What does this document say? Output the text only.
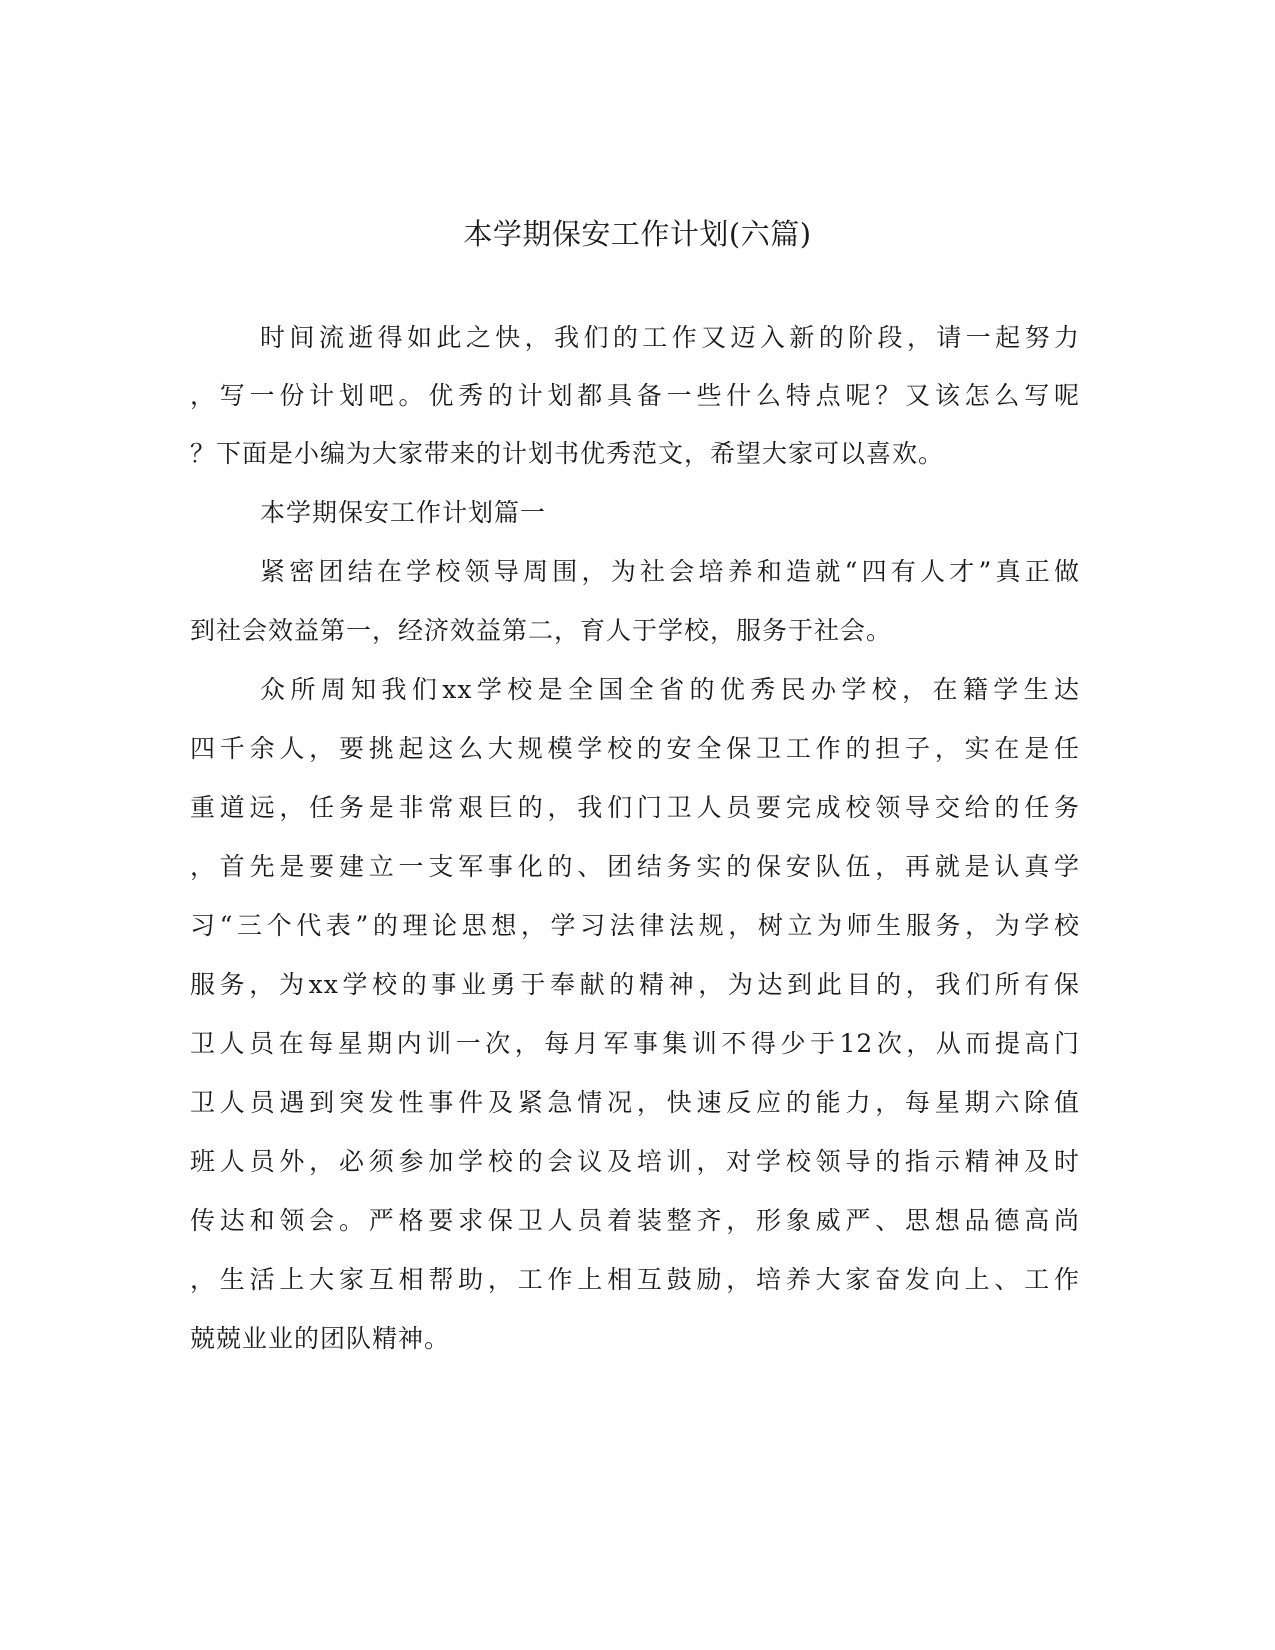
本学期保安工作计划(六篇)
时间流逝得如此之快，我们的工作又迈入新的阶段，请一起努力
，写一份计划吧。优秀的计划都具备一些什么特点呢？又该怎么写呢
？下面是小编为大家带来的计划书优秀范文，希望大家可以喜欢。
本学期保安工作计划篇一
紧密团结在学校领导周围，为社会培养和造就“四有人才”真正做
到社会效益第一，经济效益第二，育人于学校，服务于社会。
众所周知我们xx学校是全国全省的优秀民办学校，在籍学生达
四千余人，要挑起这么大规模学校的安全保卫工作的担子，实在是任
重道远，任务是非常艰巨的，我们门卫人员要完成校领导交给的任务
，首先是要建立一支军事化的、团结务实的保安队伍，再就是认真学
习“三个代表”的理论思想，学习法律法规，树立为师生服务，为学校
服务，为xx学校的事业勇于奉献的精神，为达到此目的，我们所有保
卫人员在每星期内训一次，每月军事集训不得少于12次，从而提高门
卫人员遇到突发性事件及紧急情况，快速反应的能力，每星期六除值
班人员外，必须参加学校的会议及培训，对学校领导的指示精神及时
传达和领会。严格要求保卫人员着装整齐，形象威严、思想品德高尚
，生活上大家互相帮助，工作上相互鼓励，培养大家奋发向上、工作
兢兢业业的团队精神。
